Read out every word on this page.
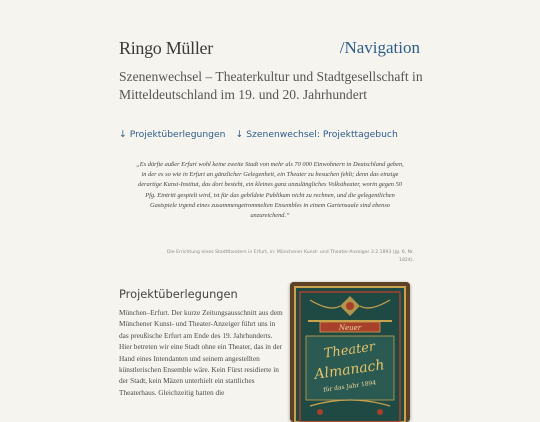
Ringo Müller	/Navigation
Szenenwechsel – Theaterkultur und Stadtgesellschaft in Mitteldeutschland im 19. und 20. Jahrhundert
↓ Projektüberlegungen ↓ Szenenwechsel: Projekttagebuch
„Es dürfte außer Erfurt wohl keine zweite Stadt von mehr als 70 000 Einwohnern in Deutschland geben, in der es so wie in Erfurt an gänzlicher Gelegenheit, ein Theater zu besuchen fehlt; denn das einzige derartige Kunst-Institut, das dort besteht, ein kleines ganz unzulängliches Volkstheater, worin gegen 50 Pfg. Eintritt gespielt wird, ist für das gebildete Publikum nicht zu rechnen, und die gelegentlichen Gastspiele irgend eines zusammengetrommelten Ensembles in einem Gartensaale sind ebenso unzureichend.“
Die Errichtung eines Stadttheaters in Erfurt, in: Münchener Kunst- und Theater-Anzeiger 3.2.1893 (Jg. 6, Nr. 1824).
Projektüberlegungen
München–Erfurt. Der kurze Zeitungsausschnitt aus dem Münchener Kunst- und Theater-Anzeiger führt uns in das preußische Erfurt am Ende des 19. Jahrhunderts. Hier betreten wir eine Stadt ohne ein Theater, das in der Hand eines Intendanten und seinem angestellten künstlerischen Ensemble wäre. Kein Fürst residierte in der Stadt, kein Mäzen unterhielt ein stattliches Theaterhaus. Gleichzeitig hatten die
Neuer
Theater
Almanach
für das Jahr 1894
